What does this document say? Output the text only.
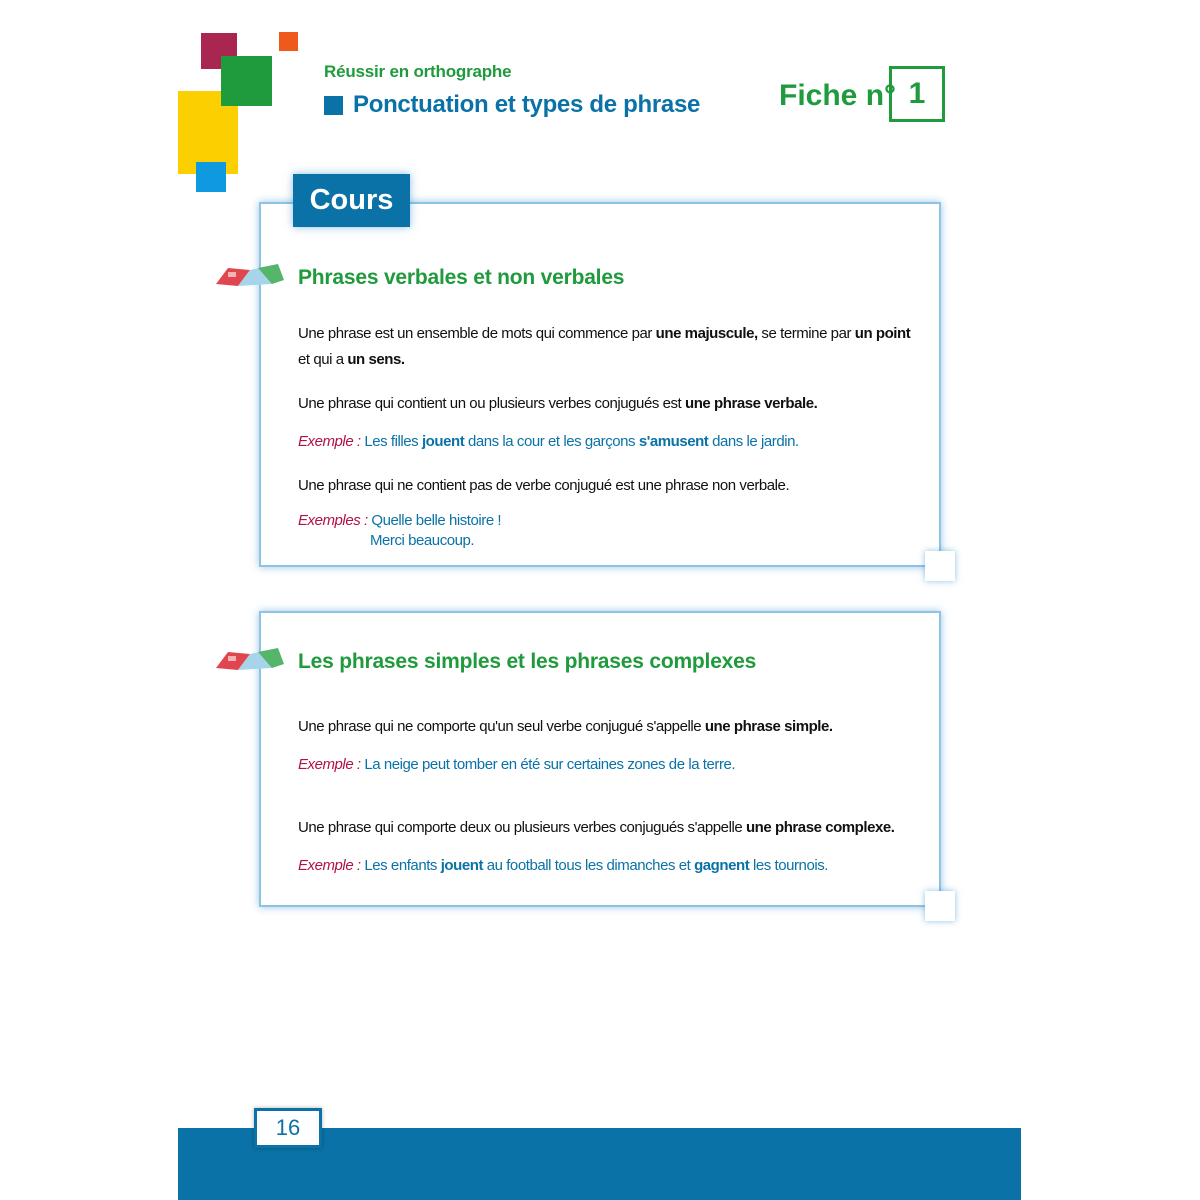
Réussir en orthographe
Ponctuation et types de phrase	Fiche n° 1
Cours
Phrases verbales et non verbales
Une phrase est un ensemble de mots qui commence par une majuscule, se termine par un point
et qui a un sens.
Une phrase qui contient un ou plusieurs verbes conjugués est une phrase verbale.
Exemple : Les filles jouent dans la cour et les garçons s'amusent dans le jardin.
Une phrase qui ne contient pas de verbe conjugué est une phrase non verbale.
Exemples : Quelle belle histoire !
Merci beaucoup.
Les phrases simples et les phrases complexes
Une phrase qui ne comporte qu'un seul verbe conjugué s'appelle une phrase simple.
Exemple : La neige peut tomber en été sur certaines zones de la terre.
Une phrase qui comporte deux ou plusieurs verbes conjugués s'appelle une phrase complexe.
Exemple : Les enfants jouent au football tous les dimanches et gagnent les tournois.
16
